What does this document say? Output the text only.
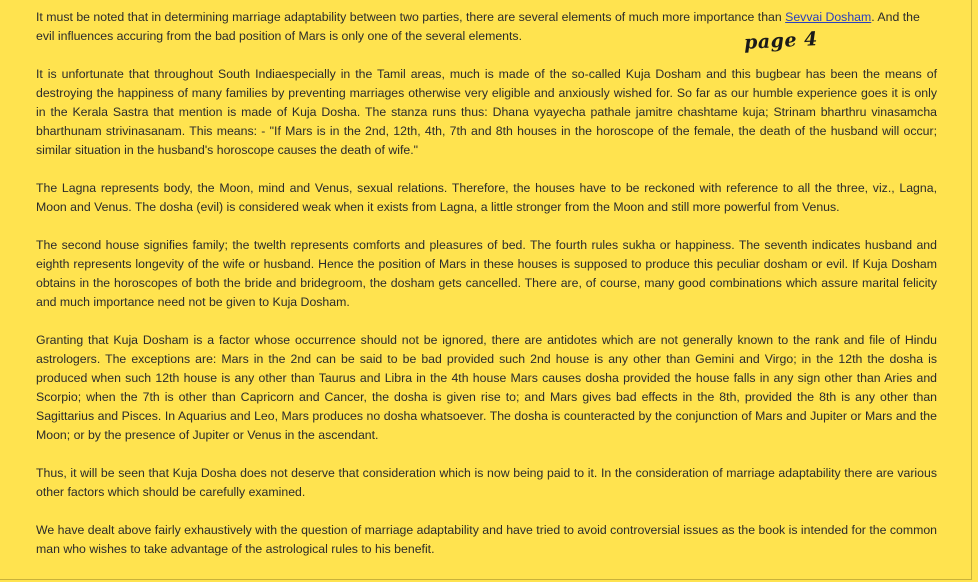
It must be noted that in determining marriage adaptability between two parties, there are several elements of much more importance than Sevvai Dosham. And the evil influences accuring from the bad position of Mars is only one of the several elements.

It is unfortunate that throughout South Indiaespecially in the Tamil areas, much is made of the so-called Kuja Dosham and this bugbear has been the means of destroying the happiness of many families by preventing marriages otherwise very eligible and anxiously wished for. So far as our humble experience goes it is only in the Kerala Sastra that mention is made of Kuja Dosha. The stanza runs thus: Dhana vyayecha pathale jamitre chashtame kuja; Strinam bharthru vinasamcha bharthunam strivinasanam. This means: - "If Mars is in the 2nd, 12th, 4th, 7th and 8th houses in the horoscope of the female, the death of the husband will occur; similar situation in the husband's horoscope causes the death of wife."

The Lagna represents body, the Moon, mind and Venus, sexual relations. Therefore, the houses have to be reckoned with reference to all the three, viz., Lagna, Moon and Venus. The dosha (evil) is considered weak when it exists from Lagna, a little stronger from the Moon and still more powerful from Venus.

The second house signifies family; the twelth represents comforts and pleasures of bed. The fourth rules sukha or happiness. The seventh indicates husband and eighth represents longevity of the wife or husband. Hence the position of Mars in these houses is supposed to produce this peculiar dosham or evil. If Kuja Dosham obtains in the horoscopes of both the bride and bridegroom, the dosham gets cancelled. There are, of course, many good combinations which assure marital felicity and much importance need not be given to Kuja Dosham.

Granting that Kuja Dosham is a factor whose occurrence should not be ignored, there are antidotes which are not generally known to the rank and file of Hindu astrologers. The exceptions are: Mars in the 2nd can be said to be bad provided such 2nd house is any other than Gemini and Virgo; in the 12th the dosha is produced when such 12th house is any other than Taurus and Libra in the 4th house Mars causes dosha provided the house falls in any sign other than Aries and Scorpio; when the 7th is other than Capricorn and Cancer, the dosha is given rise to; and Mars gives bad effects in the 8th, provided the 8th is any other than Sagittarius and Pisces. In Aquarius and Leo, Mars produces no dosha whatsoever. The dosha is counteracted by the conjunction of Mars and Jupiter or Mars and the Moon; or by the presence of Jupiter or Venus in the ascendant.

Thus, it will be seen that Kuja Dosha does not deserve that consideration which is now being paid to it. In the consideration of marriage adaptability there are various other factors which should be carefully examined.

We have dealt above fairly exhaustively with the question of marriage adaptability and have tried to avoid controversial issues as the book is intended for the common man who wishes to take advantage of the astrological rules to his benefit.

page 4
